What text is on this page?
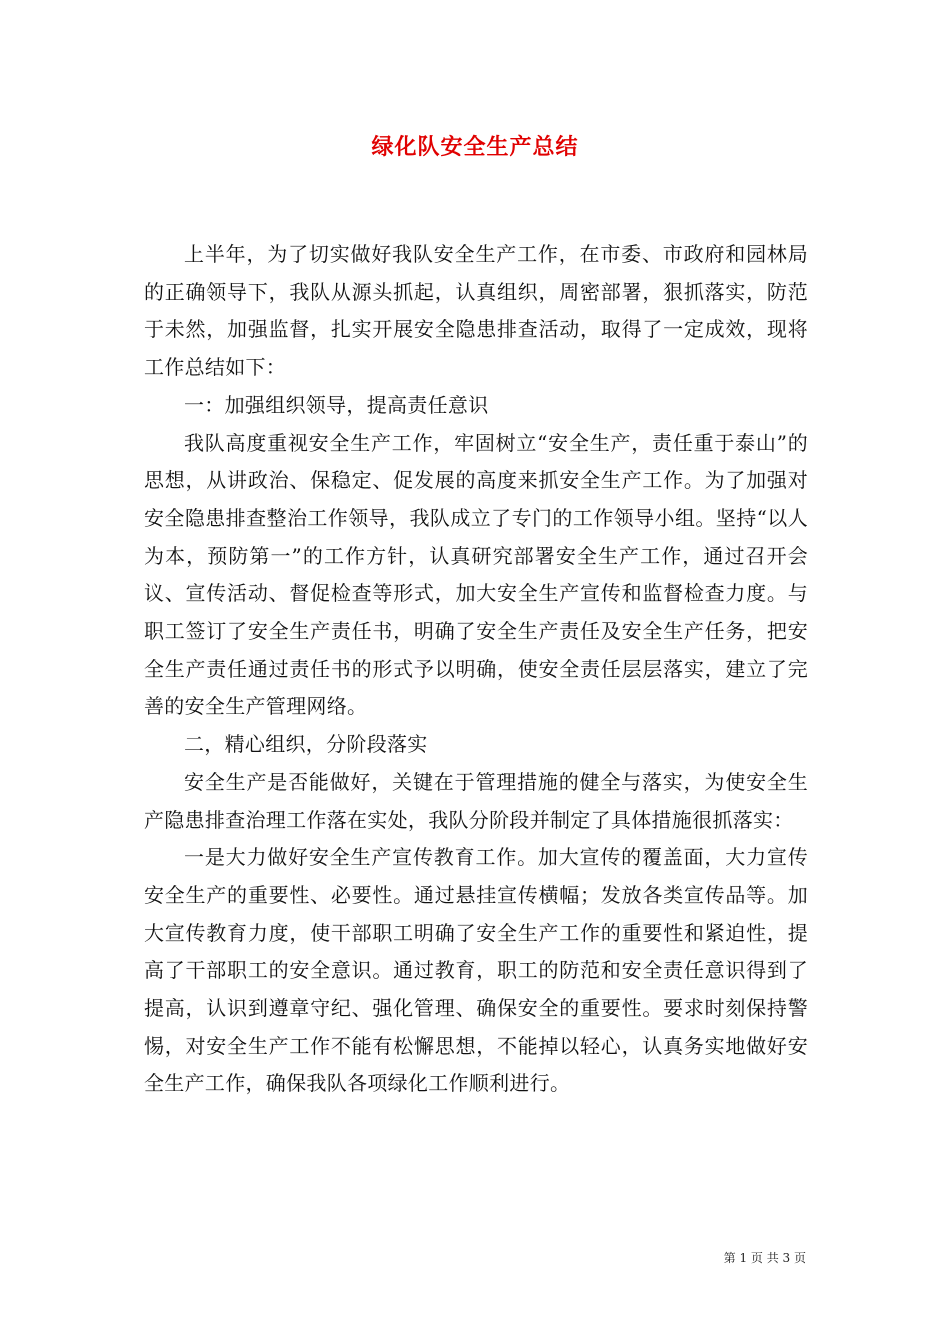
绿化队安全生产总结

上半年，为了切实做好我队安全生产工作，在市委、市政府和园林局的正确领导下，我队从源头抓起，认真组织，周密部署，狠抓落实，防范于未然，加强监督，扎实开展安全隐患排查活动，取得了一定成效，现将工作总结如下：

一：加强组织领导，提高责任意识

我队高度重视安全生产工作，牢固树立“安全生产，责任重于泰山”的思想，从讲政治、保稳定、促发展的高度来抓安全生产工作。为了加强对安全隐患排查整治工作领导，我队成立了专门的工作领导小组。坚持“以人为本，预防第一”的工作方针，认真研究部署安全生产工作，通过召开会议、宣传活动、督促检查等形式，加大安全生产宣传和监督检查力度。与职工签订了安全生产责任书，明确了安全生产责任及安全生产任务，把安全生产责任通过责任书的形式予以明确，使安全责任层层落实，建立了完善的安全生产管理网络。

二，精心组织，分阶段落实

安全生产是否能做好，关键在于管理措施的健全与落实，为使安全生产隐患排查治理工作落在实处，我队分阶段并制定了具体措施很抓落实：

一是大力做好安全生产宣传教育工作。加大宣传的覆盖面，大力宣传安全生产的重要性、必要性。通过悬挂宣传横幅；发放各类宣传品等。加大宣传教育力度，使干部职工明确了安全生产工作的重要性和紧迫性，提高了干部职工的安全意识。通过教育，职工的防范和安全责任意识得到了提高，认识到遵章守纪、强化管理、确保安全的重要性。要求时刻保持警惕，对安全生产工作不能有松懈思想，不能掉以轻心，认真务实地做好安全生产工作，确保我队各项绿化工作顺利进行。

第 1 页 共 3 页
